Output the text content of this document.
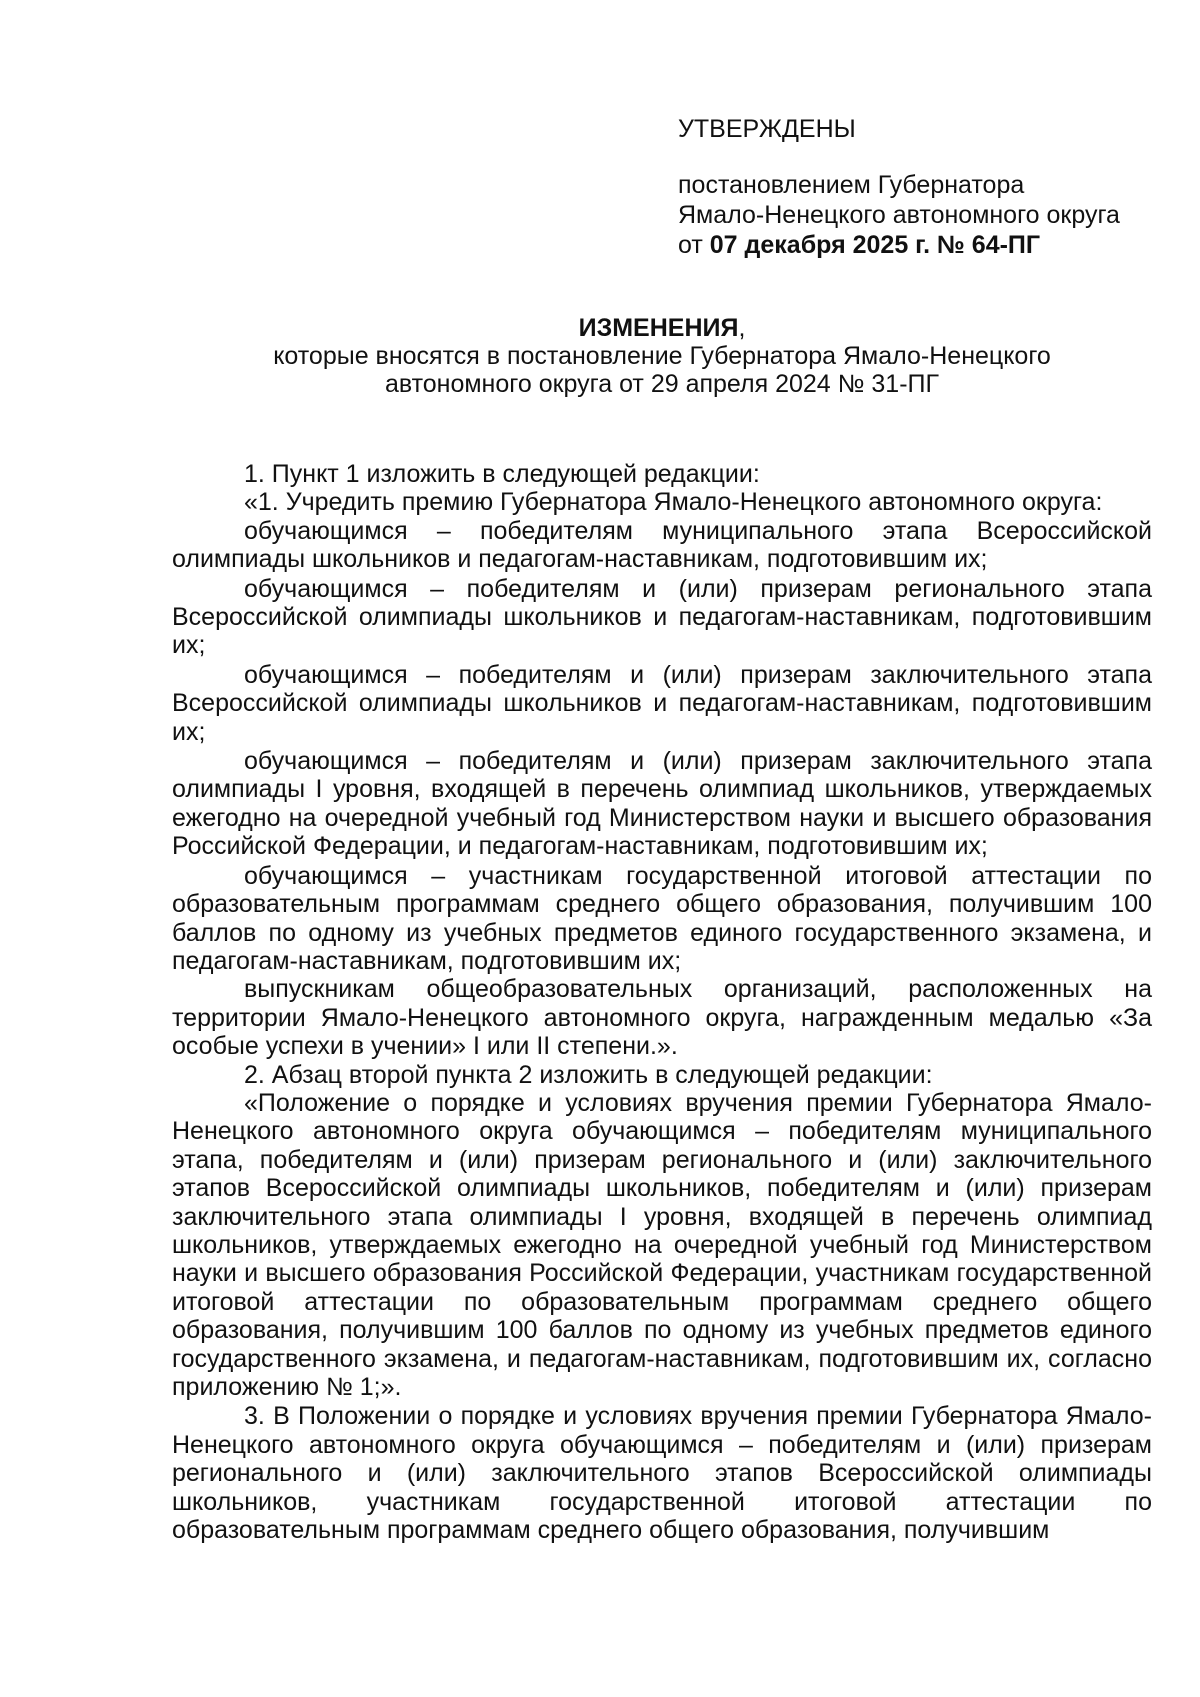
УТВЕРЖДЕНЫ
постановлением Губернатора
Ямало-Ненецкого автономного округа
от 07 декабря 2025 г. № 64-ПГ
ИЗМЕНЕНИЯ,
которые вносятся в постановление Губернатора Ямало-Ненецкого
автономного округа от 29 апреля 2024 № 31-ПГ

1. Пункт 1 изложить в следующей редакции:

«1. Учредить премию Губернатора Ямало-Ненецкого автономного округа:

обучающимся – победителям муниципального этапа Всероссийской олимпиады школьников и педагогам-наставникам, подготовившим их;

обучающимся – победителям и (или) призерам регионального этапа Всероссийской олимпиады школьников и педагогам-наставникам, подготовившим их;

обучающимся – победителям и (или) призерам заключительного этапа Всероссийской олимпиады школьников и педагогам-наставникам, подготовившим их;

обучающимся – победителям и (или) призерам заключительного этапа олимпиады I уровня, входящей в перечень олимпиад школьников, утверждаемых ежегодно на очередной учебный год Министерством науки и высшего образования Российской Федерации, и педагогам-наставникам, подготовившим их;

обучающимся – участникам государственной итоговой аттестации по образовательным программам среднего общего образования, получившим 100 баллов по одному из учебных предметов единого государственного экзамена, и педагогам-наставникам, подготовившим их;

выпускникам общеобразовательных организаций, расположенных на территории Ямало-Ненецкого автономного округа, награжденным медалью «За особые успехи в учении» I или II степени.».

2. Абзац второй пункта 2 изложить в следующей редакции:

«Положение о порядке и условиях вручения премии Губернатора Ямало-Ненецкого автономного округа обучающимся – победителям муниципального этапа, победителям и (или) призерам регионального и (или) заключительного этапов Всероссийской олимпиады школьников, победителям и (или) призерам заключительного этапа олимпиады I уровня, входящей в перечень олимпиад школьников, утверждаемых ежегодно на очередной учебный год Министерством науки и высшего образования Российской Федерации, участникам государственной итоговой аттестации по образовательным программам среднего общего образования, получившим 100 баллов по одному из учебных предметов единого государственного экзамена, и педагогам-наставникам, подготовившим их, согласно приложению № 1;».

3. В Положении о порядке и условиях вручения премии Губернатора Ямало-Ненецкого автономного округа обучающимся – победителям и (или) призерам регионального и (или) заключительного этапов Всероссийской олимпиады школьников, участникам государственной итоговой аттестации по образовательным программам среднего общего образования, получившим
